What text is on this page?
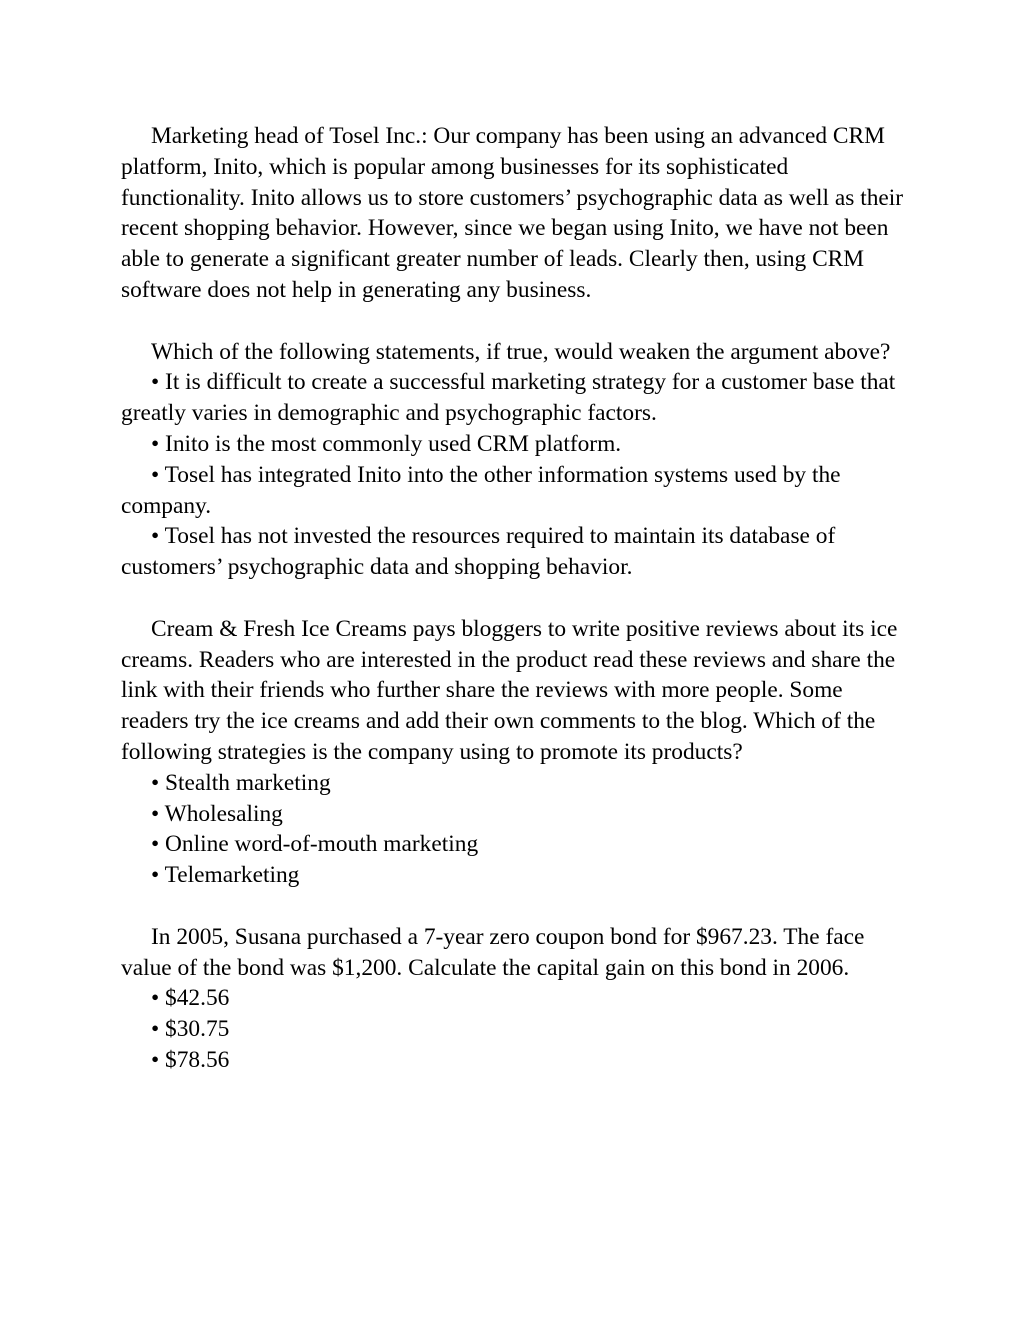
Marketing head of Tosel Inc.: Our company has been using an advanced CRM platform, Inito, which is popular among businesses for its sophisticated functionality. Inito allows us to store customers’ psychographic data as well as their recent shopping behavior. However, since we began using Inito, we have not been able to generate a significant greater number of leads. Clearly then, using CRM software does not help in generating any business.

Which of the following statements, if true, would weaken the argument above?

• It is difficult to create a successful marketing strategy for a customer base that greatly varies in demographic and psychographic factors.

• Inito is the most commonly used CRM platform.

• Tosel has integrated Inito into the other information systems used by the company.

• Tosel has not invested the resources required to maintain its database of customers’ psychographic data and shopping behavior.

Cream & Fresh Ice Creams pays bloggers to write positive reviews about its ice creams. Readers who are interested in the product read these reviews and share the link with their friends who further share the reviews with more people. Some readers try the ice creams and add their own comments to the blog. Which of the following strategies is the company using to promote its products?

• Stealth marketing

• Wholesaling

• Online word-of-mouth marketing

• Telemarketing

In 2005, Susana purchased a 7-year zero coupon bond for $967.23. The face value of the bond was $1,200. Calculate the capital gain on this bond in 2006.

• $42.56

• $30.75

• $78.56
